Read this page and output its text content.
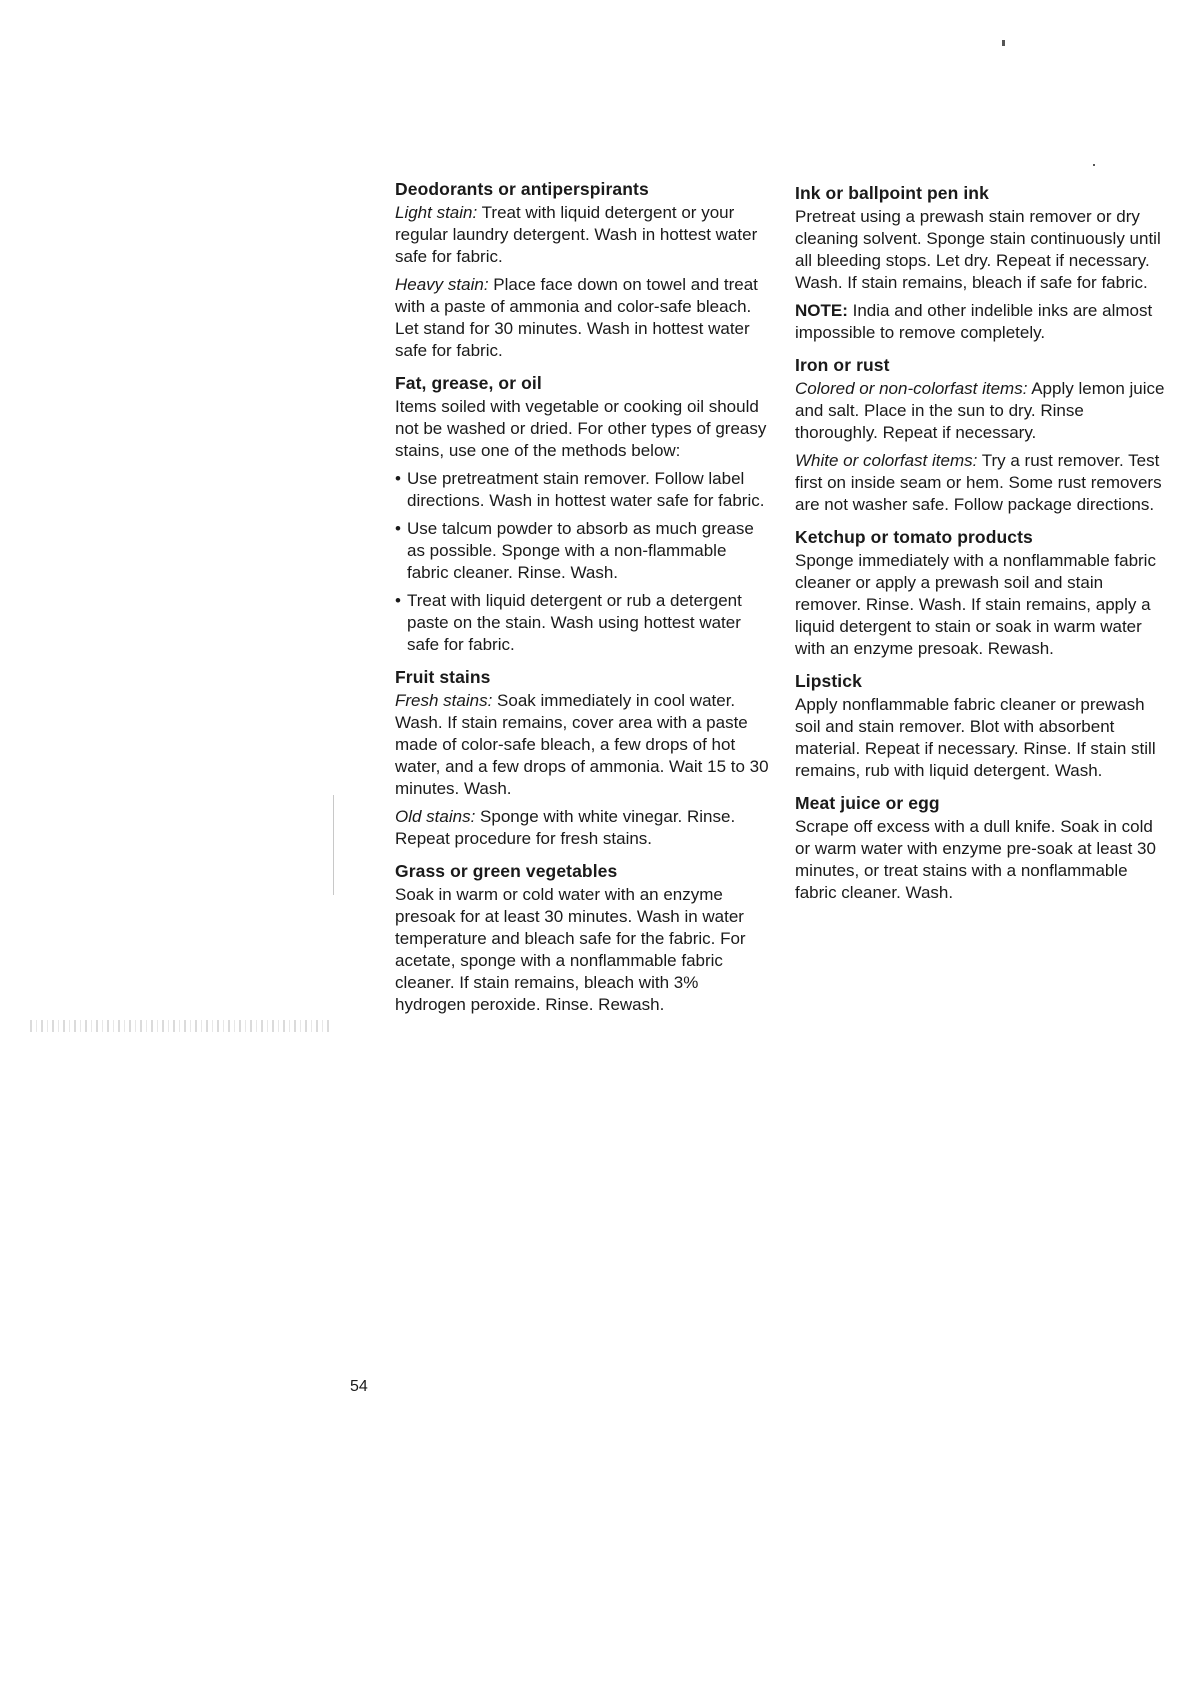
Deodorants or antiperspirants

Light stain: Treat with liquid detergent or your regular laundry detergent. Wash in hottest water safe for fabric.

Heavy stain: Place face down on towel and treat with a paste of ammonia and color-safe bleach. Let stand for 30 minutes. Wash in hottest water safe for fabric.

Fat, grease, or oil

Items soiled with vegetable or cooking oil should not be washed or dried. For other types of greasy stains, use one of the methods below:

• Use pretreatment stain remover. Follow label directions. Wash in hottest water safe for fabric.
• Use talcum powder to absorb as much grease as possible. Sponge with a non-flammable fabric cleaner. Rinse. Wash.
• Treat with liquid detergent or rub a detergent paste on the stain. Wash using hottest water safe for fabric.
Fruit stains

Fresh stains: Soak immediately in cool water. Wash. If stain remains, cover area with a paste made of color-safe bleach, a few drops of hot water, and a few drops of ammonia. Wait 15 to 30 minutes. Wash.

Old stains: Sponge with white vinegar. Rinse. Repeat procedure for fresh stains.

Grass or green vegetables

Soak in warm or cold water with an enzyme presoak for at least 30 minutes. Wash in water temperature and bleach safe for the fabric. For acetate, sponge with a nonflammable fabric cleaner. If stain remains, bleach with 3% hydrogen peroxide. Rinse. Rewash.

Ink or ballpoint pen ink

Pretreat using a prewash stain remover or dry cleaning solvent. Sponge stain continuously until all bleeding stops. Let dry. Repeat if necessary. Wash. If stain remains, bleach if safe for fabric.

NOTE: India and other indelible inks are almost impossible to remove completely.

Iron or rust

Colored or non-colorfast items: Apply lemon juice and salt. Place in the sun to dry. Rinse thoroughly. Repeat if necessary.

White or colorfast items: Try a rust remover. Test first on inside seam or hem. Some rust removers are not washer safe. Follow package directions.

Ketchup or tomato products

Sponge immediately with a nonflammable fabric cleaner or apply a prewash soil and stain remover. Rinse. Wash. If stain remains, apply a liquid detergent to stain or soak in warm water with an enzyme presoak. Rewash.

Lipstick

Apply nonflammable fabric cleaner or prewash soil and stain remover. Blot with absorbent material. Repeat if necessary. Rinse. If stain still remains, rub with liquid detergent. Wash.

Meat juice or egg

Scrape off excess with a dull knife. Soak in cold or warm water with enzyme pre-soak at least 30 minutes, or treat stains with a nonflammable fabric cleaner. Wash.

54
